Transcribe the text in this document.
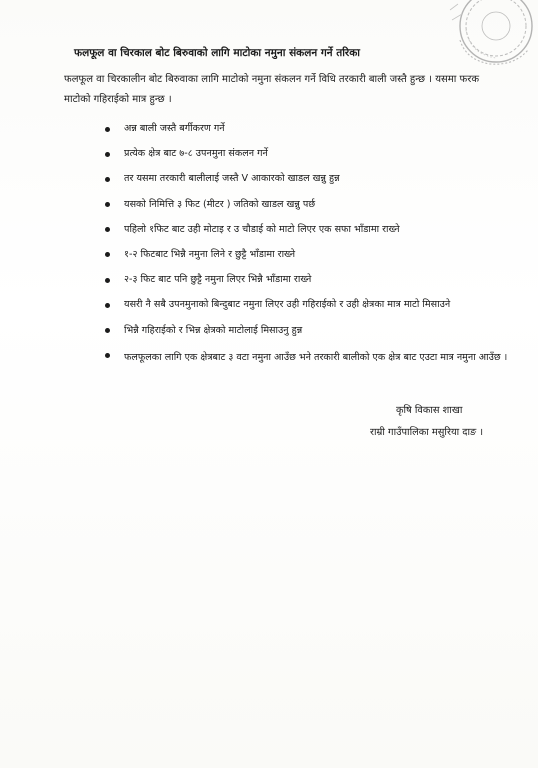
फलफूल वा चिरकाल बोट बिरुवाको लागि माटोका नमुना संकलन गर्ने तरिका
फलफूल वा चिरकालीन बोट बिरुवाका लागि माटोको नमुना संकलन गर्ने विधि तरकारी बाली जस्तै हुन्छ । यसमा फरक माटोको गहिराईको मात्र हुन्छ ।
अन्न बाली जस्तै बर्गीकरण गर्ने
प्रत्येक क्षेत्र बाट ७-८ उपनमुना संकलन गर्ने
तर यसमा तरकारी बालीलाई जस्तै V आकारको खाडल खन्नु हुन्न
यसको निमित्ति ३ फिट (मीटर ) जतिको खाडल खन्नु पर्छ
पहिलो १फिट बाट उही मोटाइ र उ चौडाई को माटो लिएर एक सफा भाँडामा राख्ने
१-२ फिटबाट भिन्नै नमुना लिने र छुट्टै भाँडामा राख्ने
२-३ फिट बाट पनि छुट्टै नमुना लिएर भिन्नै भाँडामा राख्ने
यसरी नै सबै उपनमुनाको बिन्दुबाट नमुना लिएर उही गहिराईको र उही क्षेत्रका मात्र माटो मिसाउने
भिन्नै गहिराईको र भिन्न क्षेत्रको माटोलाई मिसाउनु हुन्न
फलफूलका लागि एक क्षेत्रबाट ३ वटा नमुना आउँछ भने तरकारी बालीको एक क्षेत्र बाट एउटा मात्र नमुना आउँछ ।
कृषि विकास शाखा
राम्री गाउँपालिका मसुरिया दाङ ।
